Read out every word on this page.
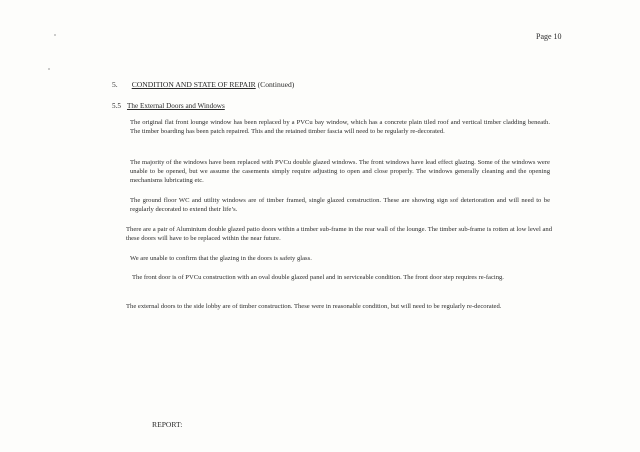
Page 10
5. CONDITION AND STATE OF REPAIR (Continued)
5.5 The External Doors and Windows

The original flat front lounge window has been replaced by a PVCu bay window, which has a concrete plain tiled roof and vertical timber cladding beneath. The timber boarding has been patch repaired. This and the retained timber fascia will need to be regularly re-decorated.

The majority of the windows have been replaced with PVCu double glazed windows. The front windows have lead effect glazing. Some of the windows were unable to be opened, but we assume the casements simply require adjusting to open and close properly. The windows generally cleaning and the opening mechanisms lubricating etc.

The ground floor WC and utility windows are of timber framed, single glazed construction. These are showing sign sof deterioration and will need to be regularly decorated to extend their life’s.

There are a pair of Aluminium double glazed patio doors within a timber sub-frame in the rear wall of the lounge. The timber sub-frame is rotten at low level and these doors will have to be replaced within the near future.

We are unable to confirm that the glazing in the doors is safety glass.

The front door is of PVCu construction with an oval double glazed panel and in serviceable condition. The front door step requires re-facing.

The external doors to the side lobby are of timber construction. These were in reasonable condition, but will need to be regularly re-decorated.

REPORT:
